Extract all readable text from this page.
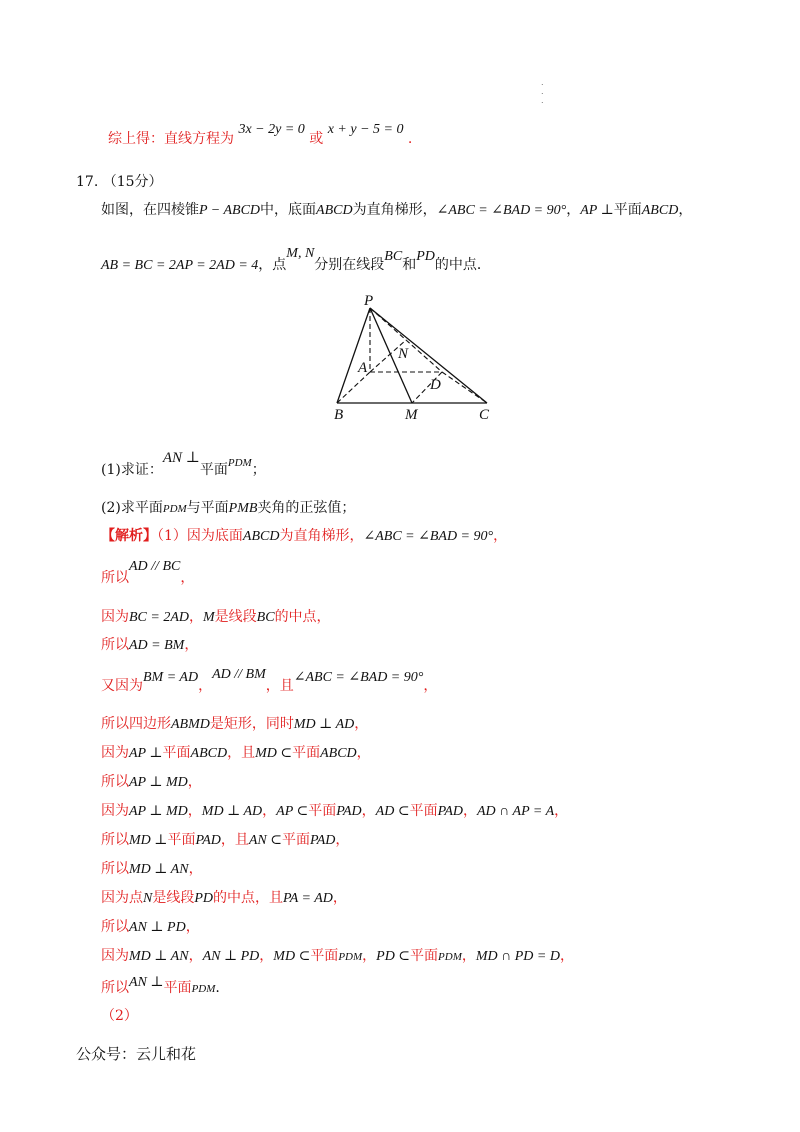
.
.
.
综上得：直线方程为 3x − 2y = 0 或 x + y − 5 = 0 .
17. （15分）
如图，在四棱锥P − ABCD中，底面ABCD为直角梯形，∠ABC = ∠BAD = 90°，AP ⊥平面ABCD，
AB = BC = 2AP = 2AD = 4，点M, N分别在线段BC和PD的中点．
P
A
N
D
B	M	C
(1)求证：AN ⊥平面$^{PDM}$；
(2)求平面PDM与平面PMB夹角的正弦值；
【解析】（1）因为底面ABCD为直角梯形，∠ABC = ∠BAD = 90°，
所以AD // BC，
因为BC = 2AD，M是线段BC的中点，
所以AD = BM，
又因为BM = AD，AD // BM，且∠ABC = ∠BAD = 90°，
所以四边形ABMD是矩形，同时MD ⊥ AD，
因为AP ⊥平面ABCD，且MD ⊂平面ABCD，
所以AP ⊥ MD，
因为AP ⊥ MD，MD ⊥ AD，AP ⊂平面PAD，AD ⊂平面PAD，AD ∩ AP = A，
所以MD ⊥平面PAD，且AN ⊂平面PAD，
所以MD ⊥ AN，
因为点N是线段PD的中点，且PA = AD，
所以AN ⊥ PD，
因为MD ⊥ AN，AN ⊥ PD，MD ⊂平面PDM，PD ⊂平面PDM，MD ∩ PD = D，
所以AN ⊥平面PDM.
（2）
公众号：云儿和花
